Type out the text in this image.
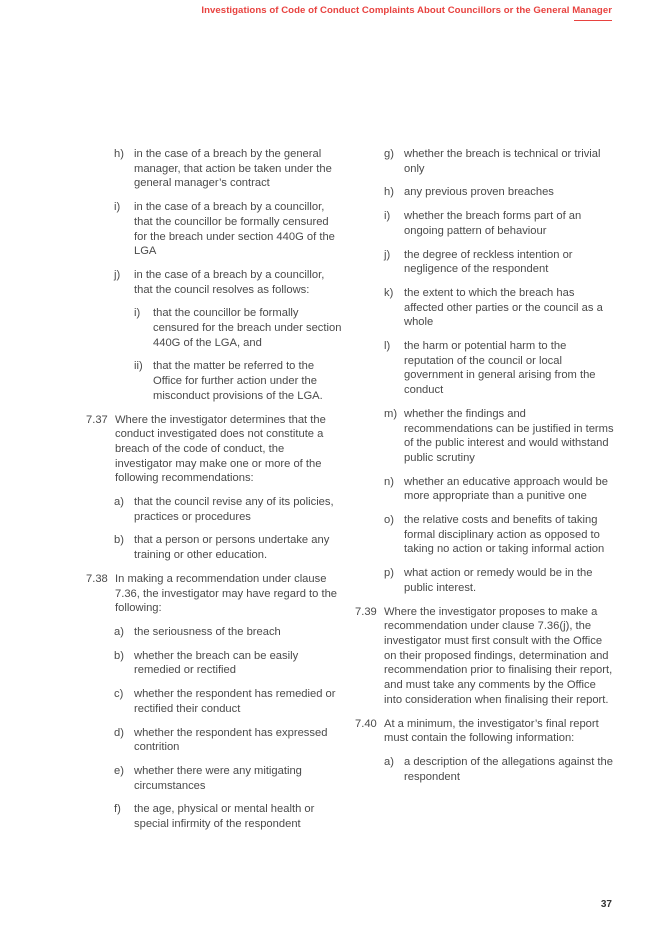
Investigations of Code of Conduct Complaints About Councillors or the General Manager
h) in the case of a breach by the general manager, that action be taken under the general manager’s contract
i) in the case of a breach by a councillor, that the councillor be formally censured for the breach under section 440G of the LGA
j) in the case of a breach by a councillor, that the council resolves as follows:
i) that the councillor be formally censured for the breach under section 440G of the LGA, and
ii) that the matter be referred to the Office for further action under the misconduct provisions of the LGA.
7.37 Where the investigator determines that the conduct investigated does not constitute a breach of the code of conduct, the investigator may make one or more of the following recommendations:
a) that the council revise any of its policies, practices or procedures
b) that a person or persons undertake any training or other education.
7.38 In making a recommendation under clause 7.36, the investigator may have regard to the following:
a) the seriousness of the breach
b) whether the breach can be easily remedied or rectified
c) whether the respondent has remedied or rectified their conduct
d) whether the respondent has expressed contrition
e) whether there were any mitigating circumstances
f) the age, physical or mental health or special infirmity of the respondent
g) whether the breach is technical or trivial only
h) any previous proven breaches
i) whether the breach forms part of an ongoing pattern of behaviour
j) the degree of reckless intention or negligence of the respondent
k) the extent to which the breach has affected other parties or the council as a whole
l) the harm or potential harm to the reputation of the council or local government in general arising from the conduct
m) whether the findings and recommendations can be justified in terms of the public interest and would withstand public scrutiny
n) whether an educative approach would be more appropriate than a punitive one
o) the relative costs and benefits of taking formal disciplinary action as opposed to taking no action or taking informal action
p) what action or remedy would be in the public interest.
7.39 Where the investigator proposes to make a recommendation under clause 7.36(j), the investigator must first consult with the Office on their proposed findings, determination and recommendation prior to finalising their report, and must take any comments by the Office into consideration when finalising their report.
7.40 At a minimum, the investigator’s final report must contain the following information:
a) a description of the allegations against the respondent
37
